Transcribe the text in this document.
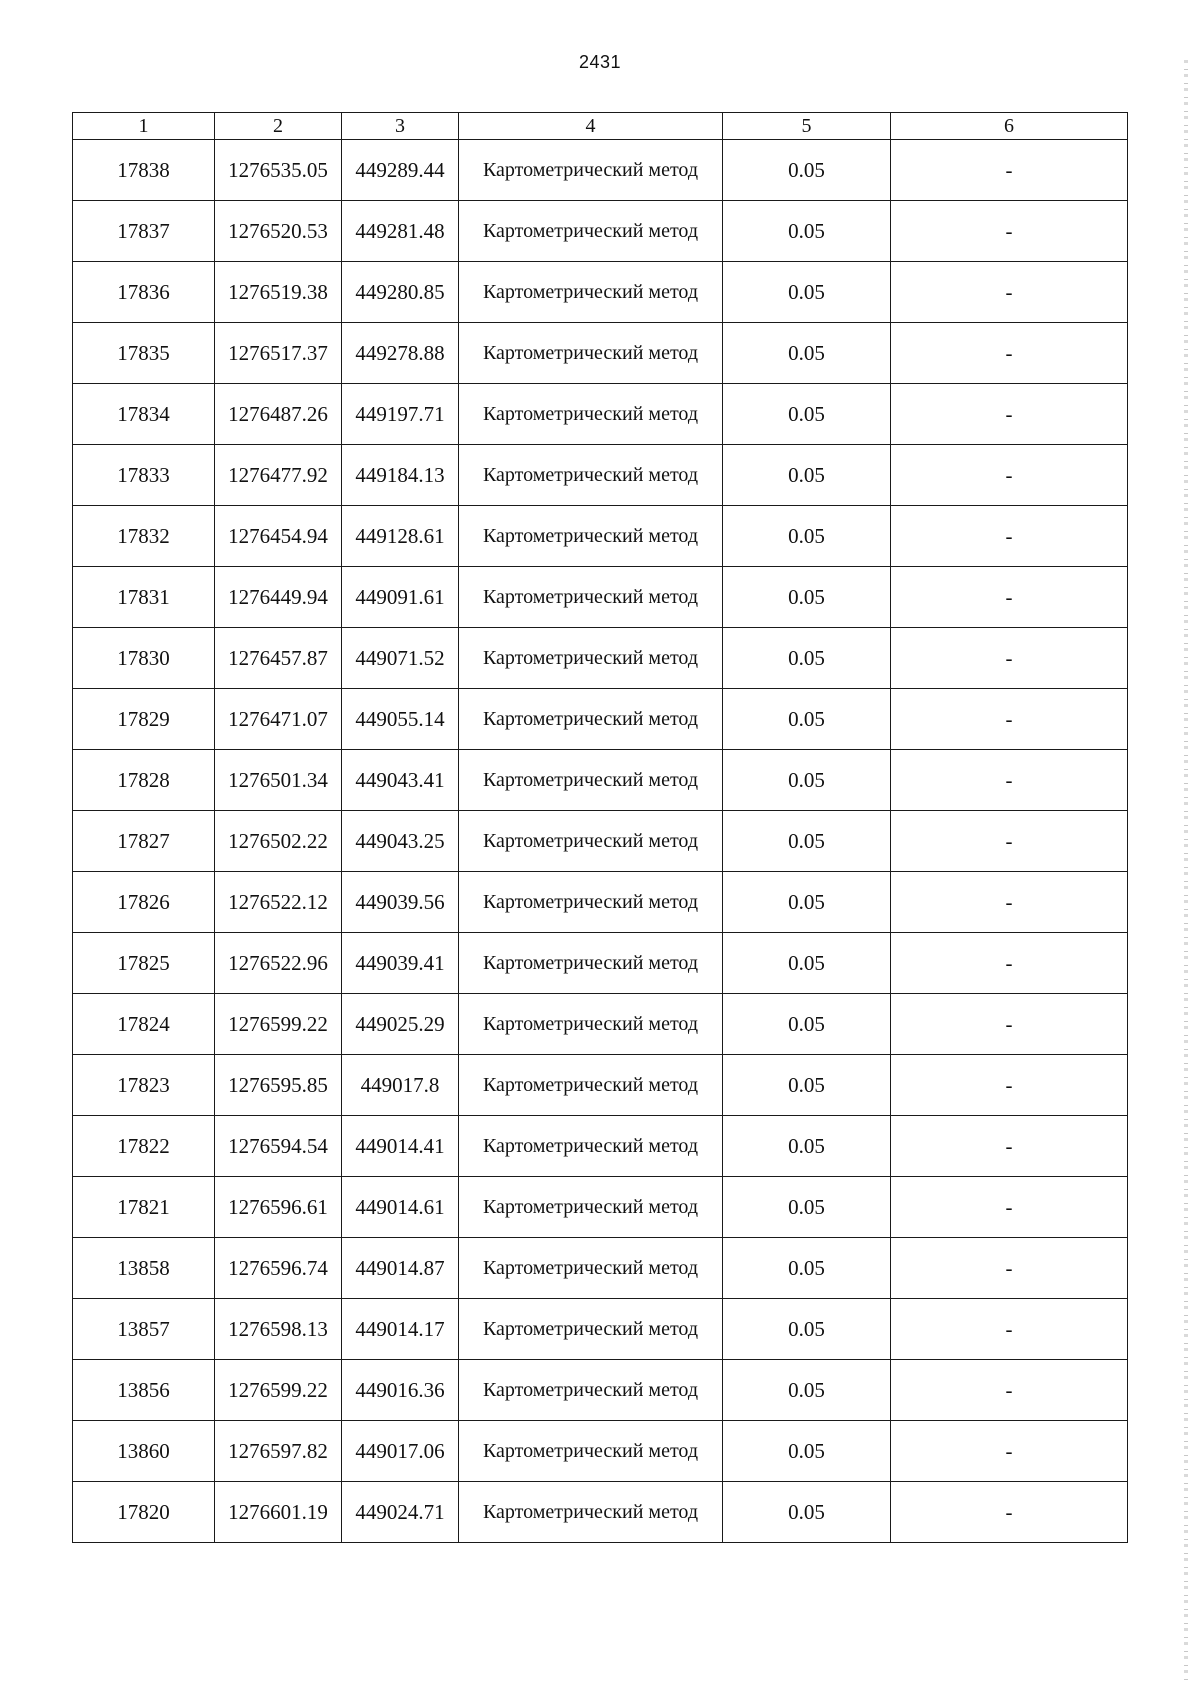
2431
1	2	3	4	5	6
17838	1276535.05	449289.44	Картометрический метод	0.05	-
17837	1276520.53	449281.48	Картометрический метод	0.05	-
17836	1276519.38	449280.85	Картометрический метод	0.05	-
17835	1276517.37	449278.88	Картометрический метод	0.05	-
17834	1276487.26	449197.71	Картометрический метод	0.05	-
17833	1276477.92	449184.13	Картометрический метод	0.05	-
17832	1276454.94	449128.61	Картометрический метод	0.05	-
17831	1276449.94	449091.61	Картометрический метод	0.05	-
17830	1276457.87	449071.52	Картометрический метод	0.05	-
17829	1276471.07	449055.14	Картометрический метод	0.05	-
17828	1276501.34	449043.41	Картометрический метод	0.05	-
17827	1276502.22	449043.25	Картометрический метод	0.05	-
17826	1276522.12	449039.56	Картометрический метод	0.05	-
17825	1276522.96	449039.41	Картометрический метод	0.05	-
17824	1276599.22	449025.29	Картометрический метод	0.05	-
17823	1276595.85	449017.8	Картометрический метод	0.05	-
17822	1276594.54	449014.41	Картометрический метод	0.05	-
17821	1276596.61	449014.61	Картометрический метод	0.05	-
13858	1276596.74	449014.87	Картометрический метод	0.05	-
13857	1276598.13	449014.17	Картометрический метод	0.05	-
13856	1276599.22	449016.36	Картометрический метод	0.05	-
13860	1276597.82	449017.06	Картометрический метод	0.05	-
17820	1276601.19	449024.71	Картометрический метод	0.05	-
